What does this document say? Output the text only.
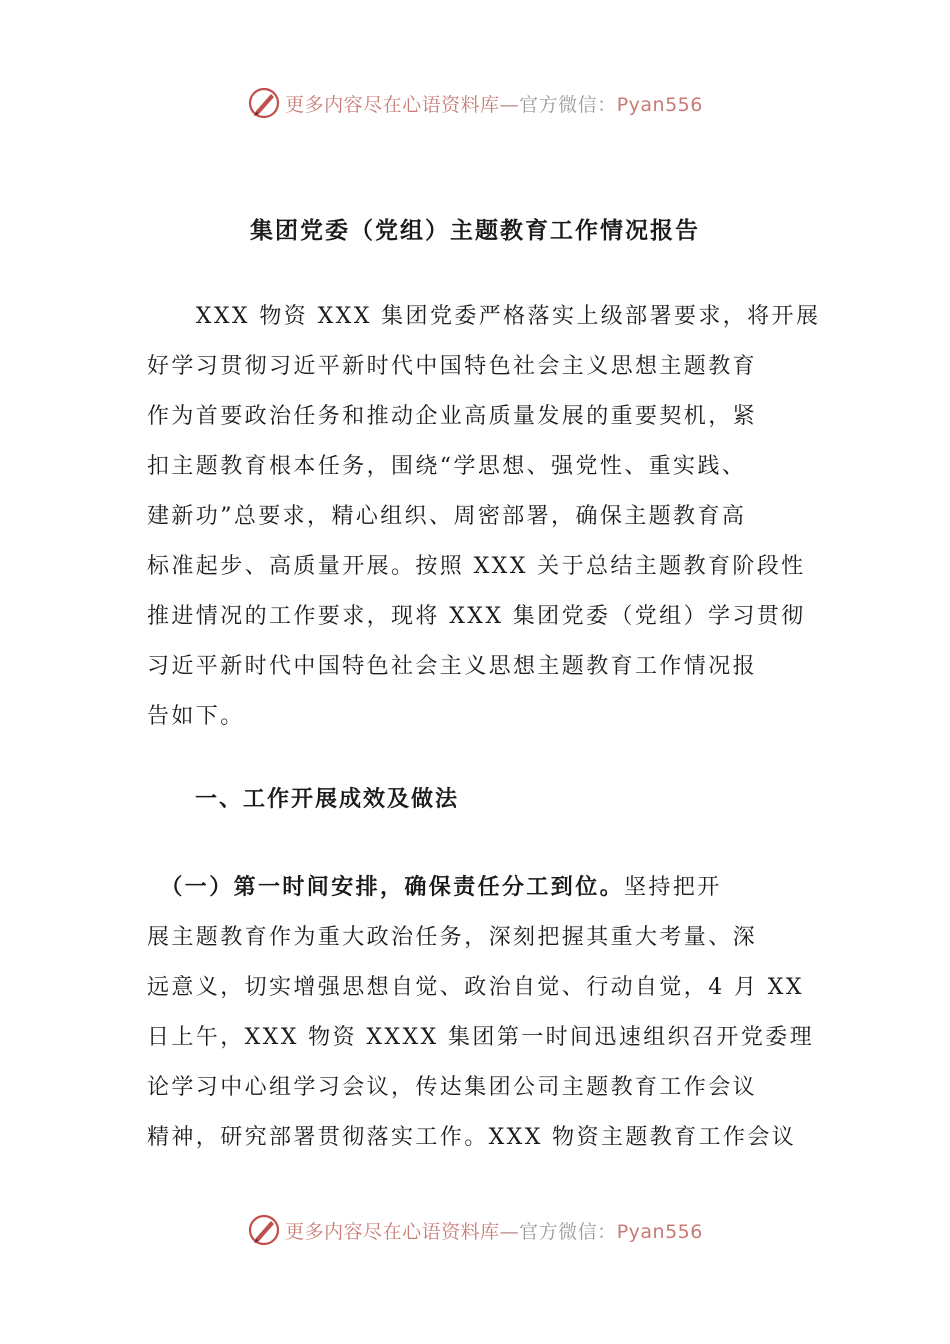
更多内容尽在心语资料库—官方微信：Pyan556
集团党委（党组）主题教育工作情况报告

　　XXX 物资 XXX 集团党委严格落实上级部署要求，将开展
好学习贯彻习近平新时代中国特色社会主义思想主题教育
作为首要政治任务和推动企业高质量发展的重要契机，紧
扣主题教育根本任务，围绕“学思想、强党性、重实践、
建新功”总要求，精心组织、周密部署，确保主题教育高
标准起步、高质量开展。按照 XXX 关于总结主题教育阶段性
推进情况的工作要求，现将 XXX 集团党委（党组）学习贯彻
习近平新时代中国特色社会主义思想主题教育工作情况报
告如下。

一、工作开展成效及做法

　（一）第一时间安排，确保责任分工到位。坚持把开
展主题教育作为重大政治任务，深刻把握其重大考量、深
远意义，切实增强思想自觉、政治自觉、行动自觉，4 月 XX
日上午，XXX 物资 XXXX 集团第一时间迅速组织召开党委理
论学习中心组学习会议，传达集团公司主题教育工作会议
精神，研究部署贯彻落实工作。XXX 物资主题教育工作会议

更多内容尽在心语资料库—官方微信：Pyan556
